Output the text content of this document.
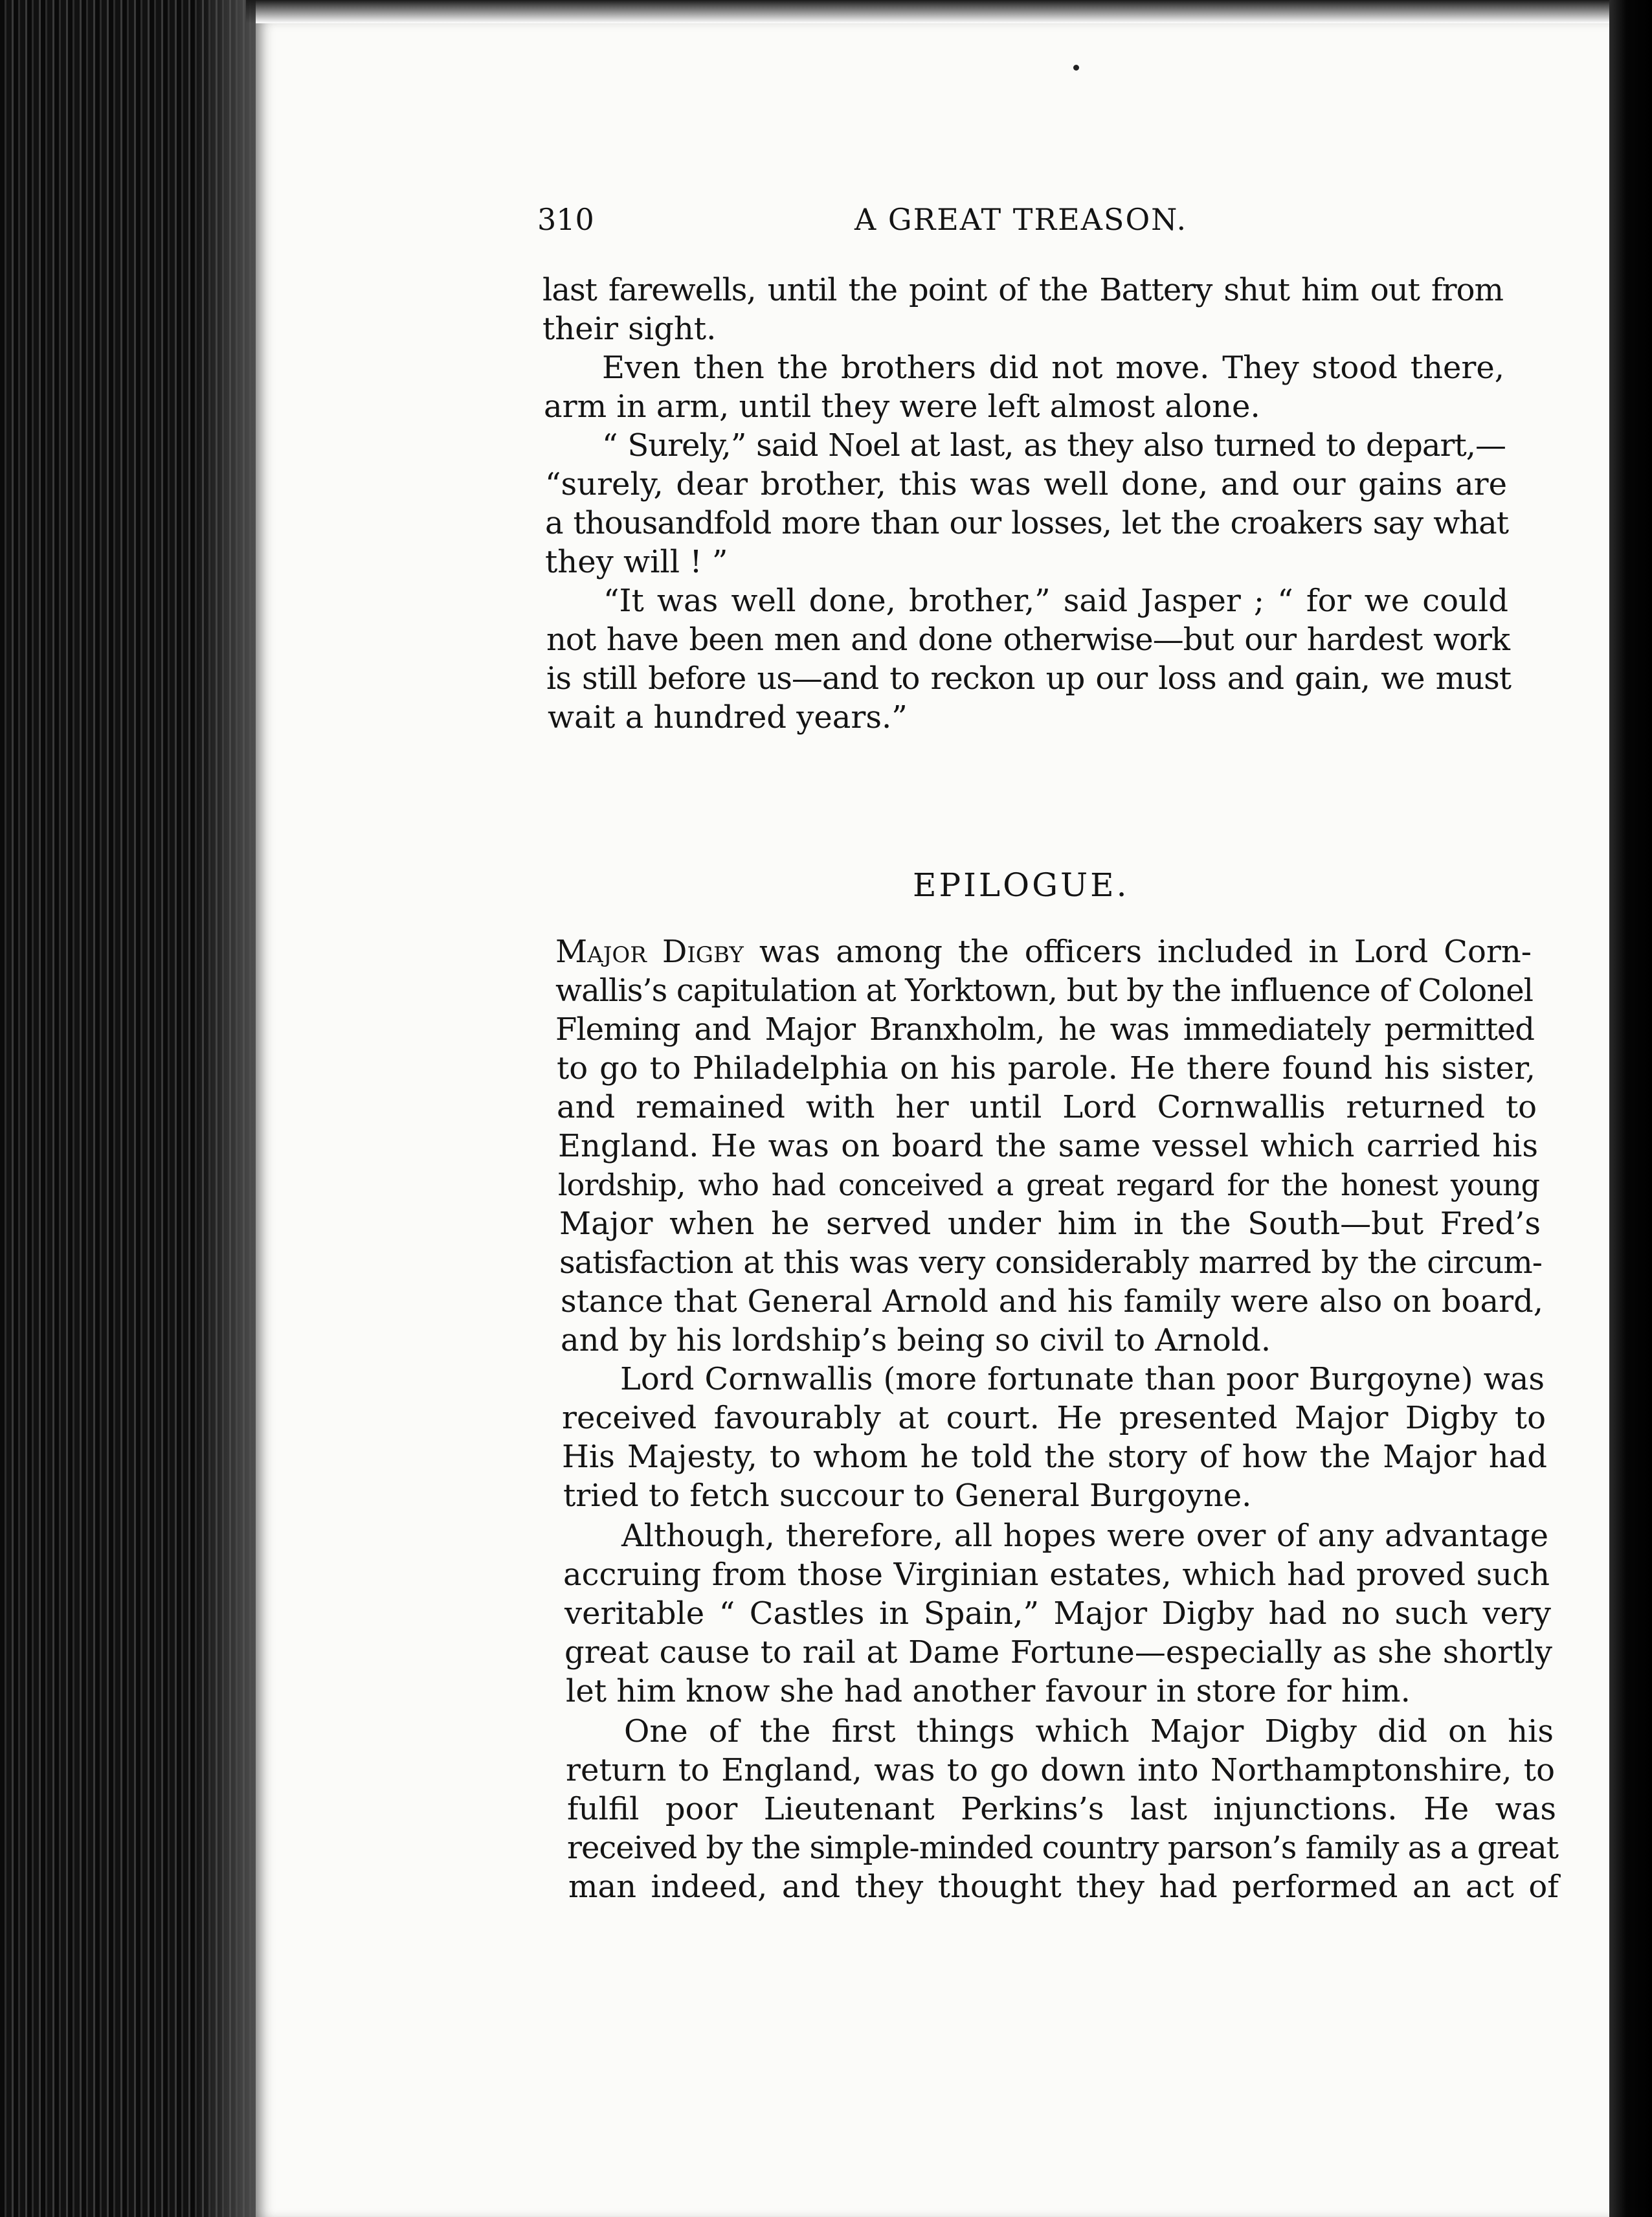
310	A GREAT TREASON.
last farewells, until the point of the Battery shut him out from
their sight.
Even then the brothers did not move. They stood there,
arm in arm, until they were left almost alone.
“ Surely,” said Noel at last, as they also turned to depart,—
“surely, dear brother, this was well done, and our gains are
a thousandfold more than our losses, let the croakers say what
they will ! ”
“It was well done, brother,” said Jasper ; “ for we could
not have been men and done otherwise—but our hardest work
is still before us—and to reckon up our loss and gain, we must
wait a hundred years.”
EPILOGUE.
Major Digby was among the officers included in Lord Corn-
wallis’s capitulation at Yorktown, but by the influence of Colonel
Fleming and Major Branxholm, he was immediately permitted
to go to Philadelphia on his parole. He there found his sister,
and remained with her until Lord Cornwallis returned to
England. He was on board the same vessel which carried his
lordship, who had conceived a great regard for the honest young
Major when he served under him in the South—but Fred’s
satisfaction at this was very considerably marred by the circum-
stance that General Arnold and his family were also on board,
and by his lordship’s being so civil to Arnold.
Lord Cornwallis (more fortunate than poor Burgoyne) was
received favourably at court. He presented Major Digby to
His Majesty, to whom he told the story of how the Major had
tried to fetch succour to General Burgoyne.
Although, therefore, all hopes were over of any advantage
accruing from those Virginian estates, which had proved such
veritable “ Castles in Spain,” Major Digby had no such very
great cause to rail at Dame Fortune—especially as she shortly
let him know she had another favour in store for him.
One of the first things which Major Digby did on his
return to England, was to go down into Northamptonshire, to
fulfil poor Lieutenant Perkins’s last injunctions. He was
received by the simple-minded country parson’s family as a great
man indeed, and they thought they had performed an act of
